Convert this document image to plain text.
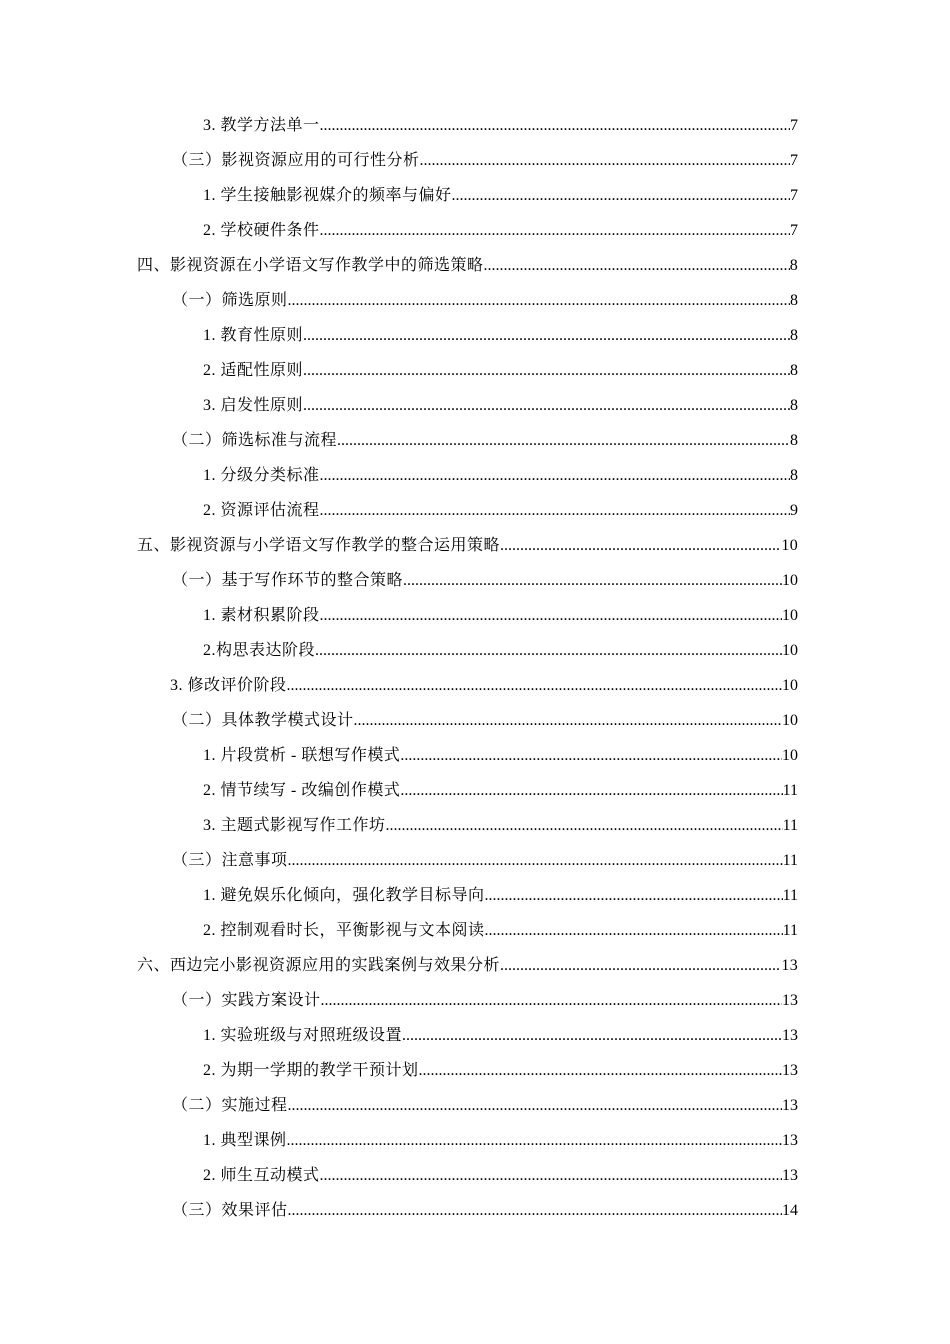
3. 教学方法单一 .....	7
（三）影视资源应用的可行性分析 .....	7
1. 学生接触影视媒介的频率与偏好 .....	7
2. 学校硬件条件 .....	7
四、影视资源在小学语文写作教学中的筛选策略 .....	8
（一）筛选原则 .....	8
1. 教育性原则 .....	8
2. 适配性原则 .....	8
3. 启发性原则 .....	8
（二）筛选标准与流程 .....	8
1. 分级分类标准 .....	8
2. 资源评估流程 .....	9
五、影视资源与小学语文写作教学的整合运用策略 .....	10
（一）基于写作环节的整合策略 .....	10
1. 素材积累阶段 .....	10
2.构思表达阶段 .....	10
3. 修改评价阶段 .....	10
（二）具体教学模式设计 .....	10
1. 片段赏析 - 联想写作模式 .....	10
2. 情节续写 - 改编创作模式 .....	11
3. 主题式影视写作工作坊 .....	11
（三）注意事项 .....	11
1. 避免娱乐化倾向，强化教学目标导向 .....	11
2. 控制观看时长，平衡影视与文本阅读 .....	11
六、西边完小影视资源应用的实践案例与效果分析 .....	13
（一）实践方案设计 .....	13
1. 实验班级与对照班级设置 .....	13
2. 为期一学期的教学干预计划 .....	13
（二）实施过程 .....	13
1. 典型课例 .....	13
2. 师生互动模式 .....	13
（三）效果评估 .....	14
